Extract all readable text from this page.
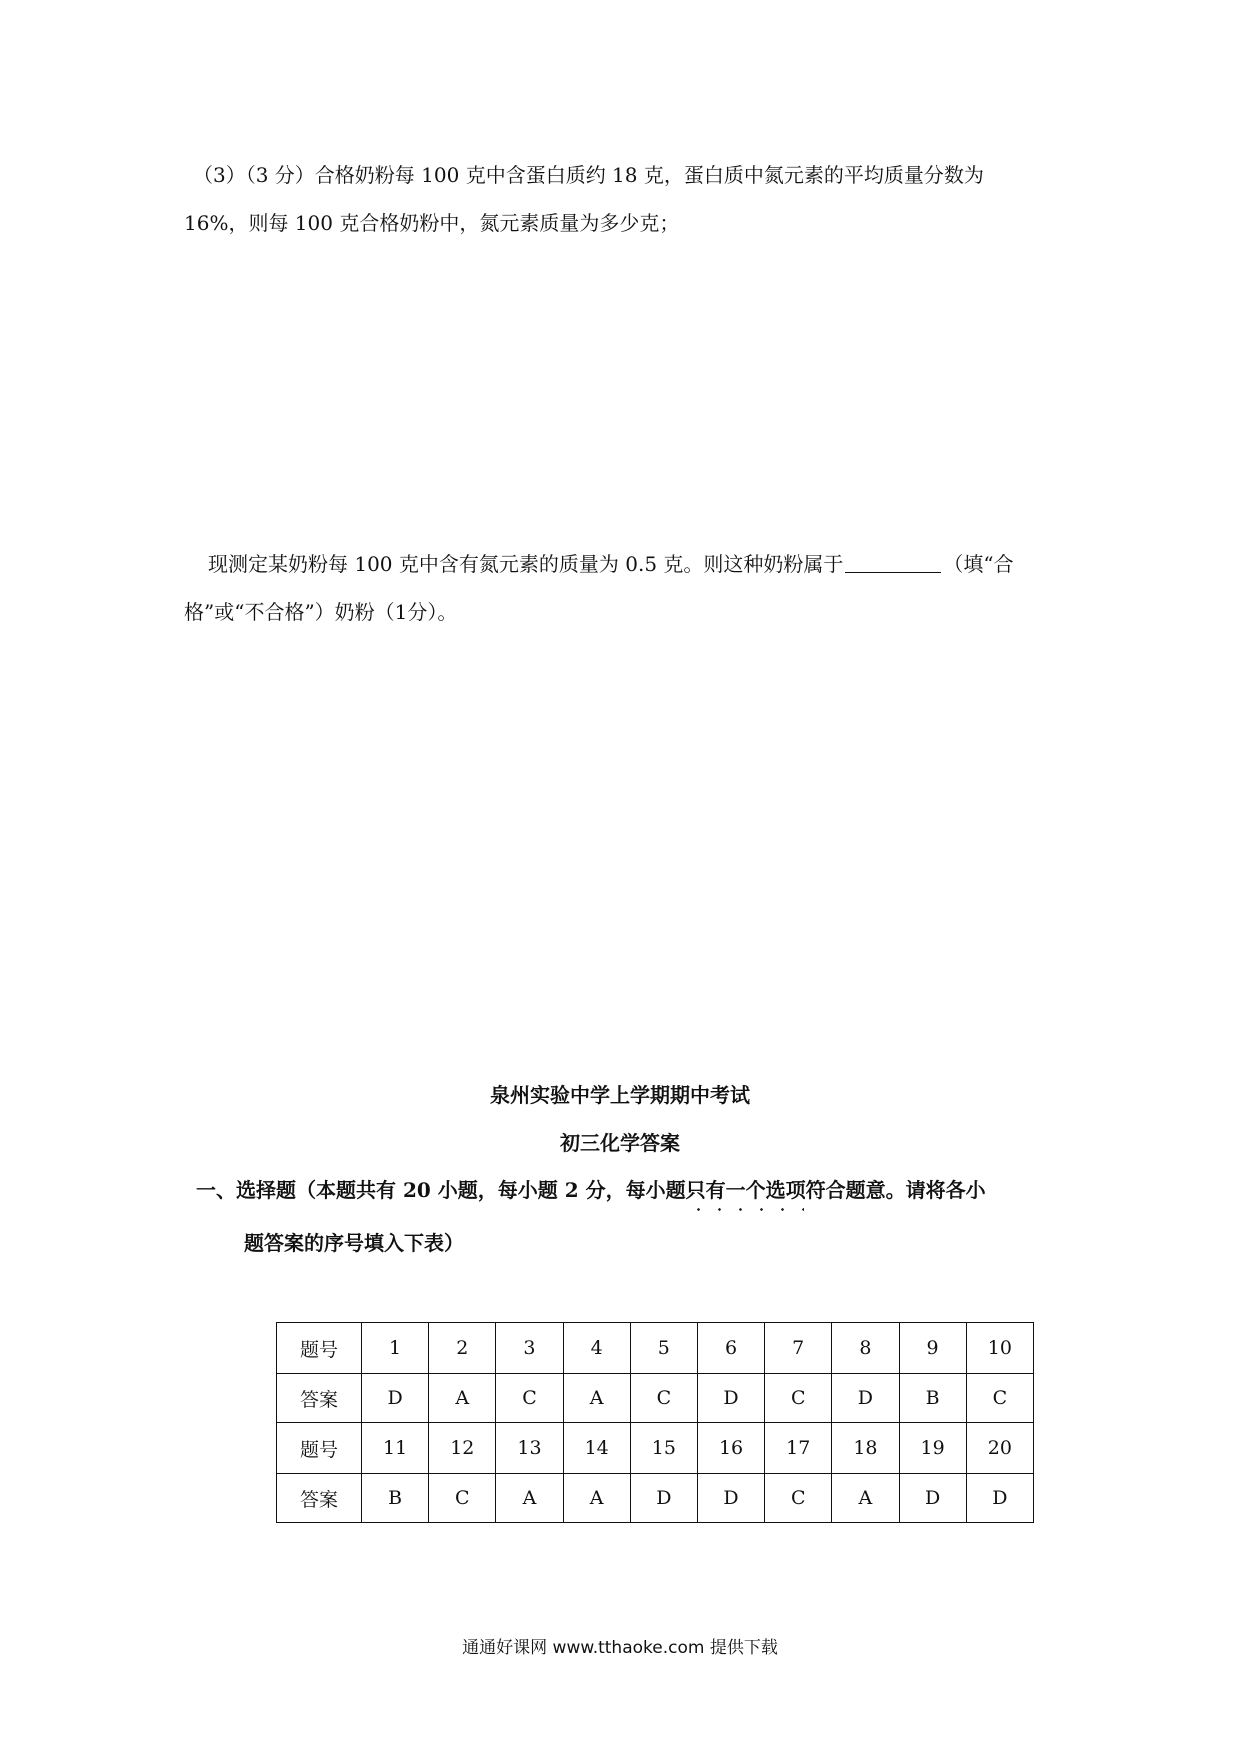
（3）（3 分）合格奶粉每 100 克中含蛋白质约 18 克，蛋白质中氮元素的平均质量分数为
16%，则每 100 克合格奶粉中，氮元素质量为多少克；
现测定某奶粉每 100 克中含有氮元素的质量为 0.5 克。则这种奶粉属于	（填“合
格”或“不合格”）奶粉（1分）。
泉州实验中学上学期期中考试
初三化学答案
一、选择题（本题共有 20 小题，每小题 2 分，每小题只有一个选项符合题意。请将各小
题答案的序号填入下表）
题号	1	2	3	4	5	6	7	8	9	10
答案	D	A	C	A	C	D	C	D	B	C
题号	11	12	13	14	15	16	17	18	19	20
答案	B	C	A	A	D	D	C	A	D	D
通通好课网 www.tthaoke.com 提供下载
